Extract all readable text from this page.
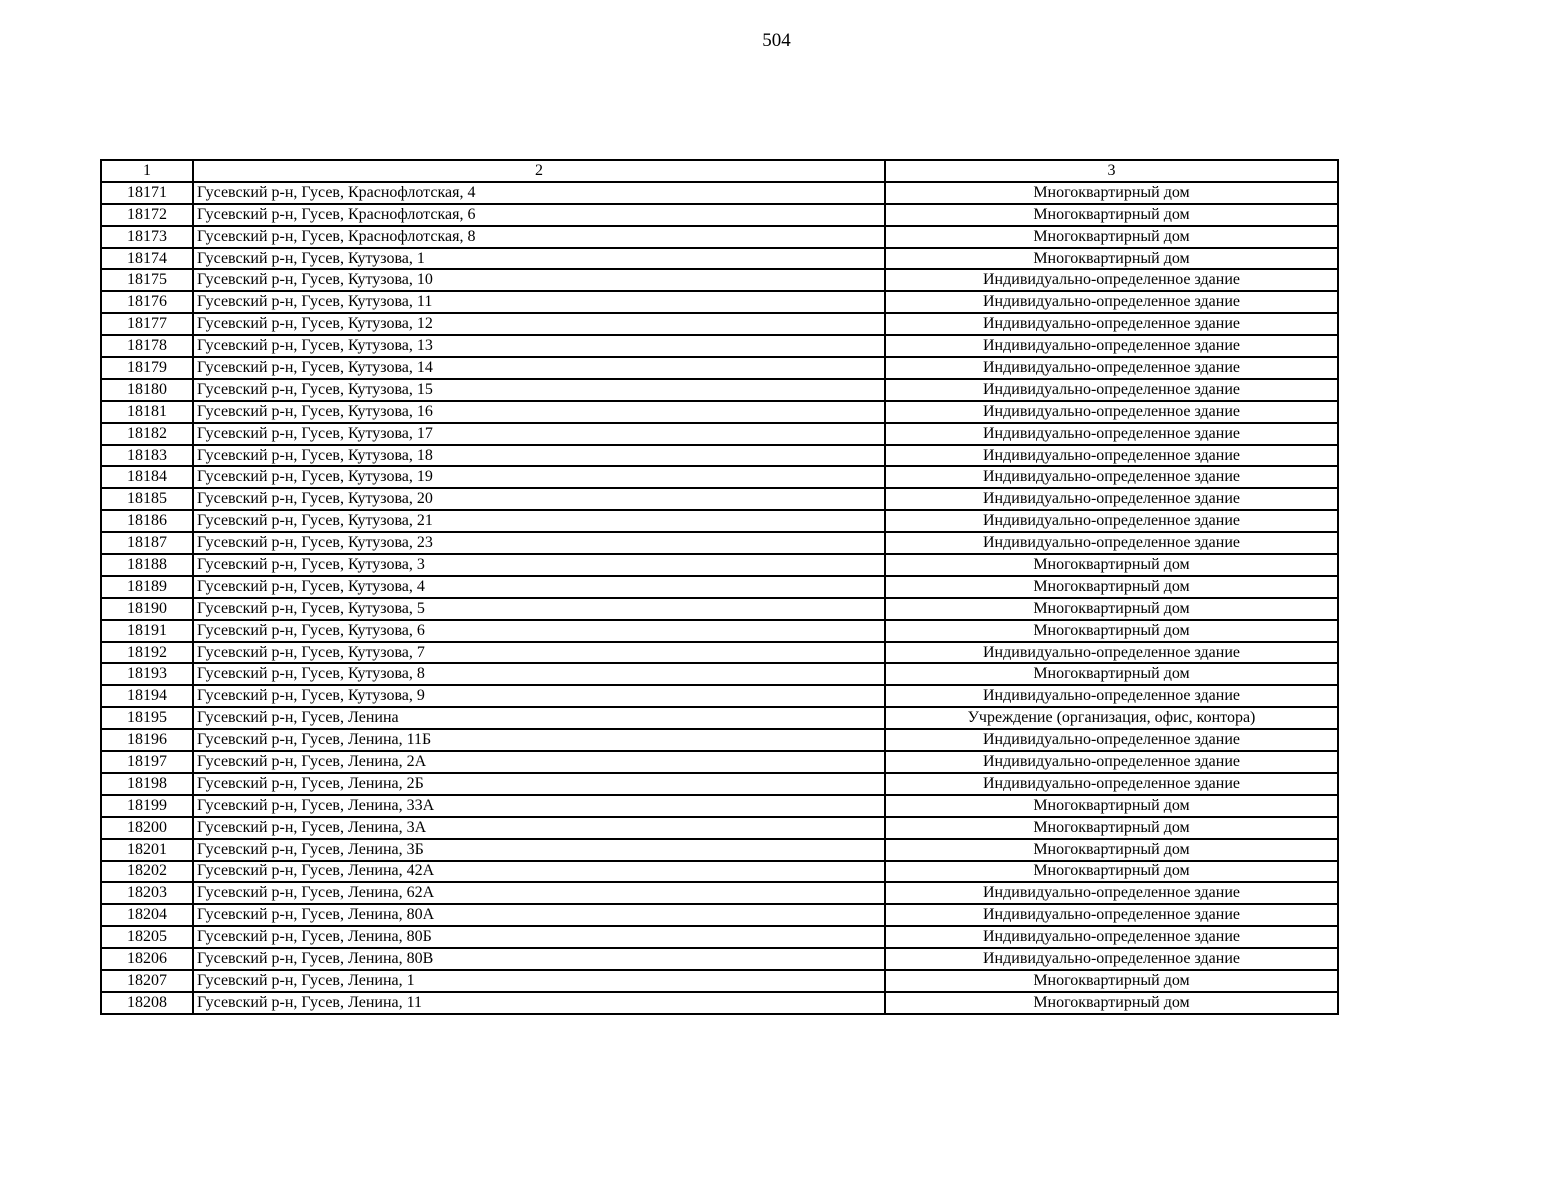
504
1	2	3
18171	Гусевский р-н, Гусев, Краснофлотская, 4	Многоквартирный дом
18172	Гусевский р-н, Гусев, Краснофлотская, 6	Многоквартирный дом
18173	Гусевский р-н, Гусев, Краснофлотская, 8	Многоквартирный дом
18174	Гусевский р-н, Гусев, Кутузова, 1	Многоквартирный дом
18175	Гусевский р-н, Гусев, Кутузова, 10	Индивидуально-определенное здание
18176	Гусевский р-н, Гусев, Кутузова, 11	Индивидуально-определенное здание
18177	Гусевский р-н, Гусев, Кутузова, 12	Индивидуально-определенное здание
18178	Гусевский р-н, Гусев, Кутузова, 13	Индивидуально-определенное здание
18179	Гусевский р-н, Гусев, Кутузова, 14	Индивидуально-определенное здание
18180	Гусевский р-н, Гусев, Кутузова, 15	Индивидуально-определенное здание
18181	Гусевский р-н, Гусев, Кутузова, 16	Индивидуально-определенное здание
18182	Гусевский р-н, Гусев, Кутузова, 17	Индивидуально-определенное здание
18183	Гусевский р-н, Гусев, Кутузова, 18	Индивидуально-определенное здание
18184	Гусевский р-н, Гусев, Кутузова, 19	Индивидуально-определенное здание
18185	Гусевский р-н, Гусев, Кутузова, 20	Индивидуально-определенное здание
18186	Гусевский р-н, Гусев, Кутузова, 21	Индивидуально-определенное здание
18187	Гусевский р-н, Гусев, Кутузова, 23	Индивидуально-определенное здание
18188	Гусевский р-н, Гусев, Кутузова, 3	Многоквартирный дом
18189	Гусевский р-н, Гусев, Кутузова, 4	Многоквартирный дом
18190	Гусевский р-н, Гусев, Кутузова, 5	Многоквартирный дом
18191	Гусевский р-н, Гусев, Кутузова, 6	Многоквартирный дом
18192	Гусевский р-н, Гусев, Кутузова, 7	Индивидуально-определенное здание
18193	Гусевский р-н, Гусев, Кутузова, 8	Многоквартирный дом
18194	Гусевский р-н, Гусев, Кутузова, 9	Индивидуально-определенное здание
18195	Гусевский р-н, Гусев, Ленина	Учреждение (организация, офис, контора)
18196	Гусевский р-н, Гусев, Ленина, 11Б	Индивидуально-определенное здание
18197	Гусевский р-н, Гусев, Ленина, 2А	Индивидуально-определенное здание
18198	Гусевский р-н, Гусев, Ленина, 2Б	Индивидуально-определенное здание
18199	Гусевский р-н, Гусев, Ленина, 33А	Многоквартирный дом
18200	Гусевский р-н, Гусев, Ленина, 3А	Многоквартирный дом
18201	Гусевский р-н, Гусев, Ленина, 3Б	Многоквартирный дом
18202	Гусевский р-н, Гусев, Ленина, 42А	Многоквартирный дом
18203	Гусевский р-н, Гусев, Ленина, 62А	Индивидуально-определенное здание
18204	Гусевский р-н, Гусев, Ленина, 80А	Индивидуально-определенное здание
18205	Гусевский р-н, Гусев, Ленина, 80Б	Индивидуально-определенное здание
18206	Гусевский р-н, Гусев, Ленина, 80В	Индивидуально-определенное здание
18207	Гусевский р-н, Гусев, Ленина, 1	Многоквартирный дом
18208	Гусевский р-н, Гусев, Ленина, 11	Многоквартирный дом
